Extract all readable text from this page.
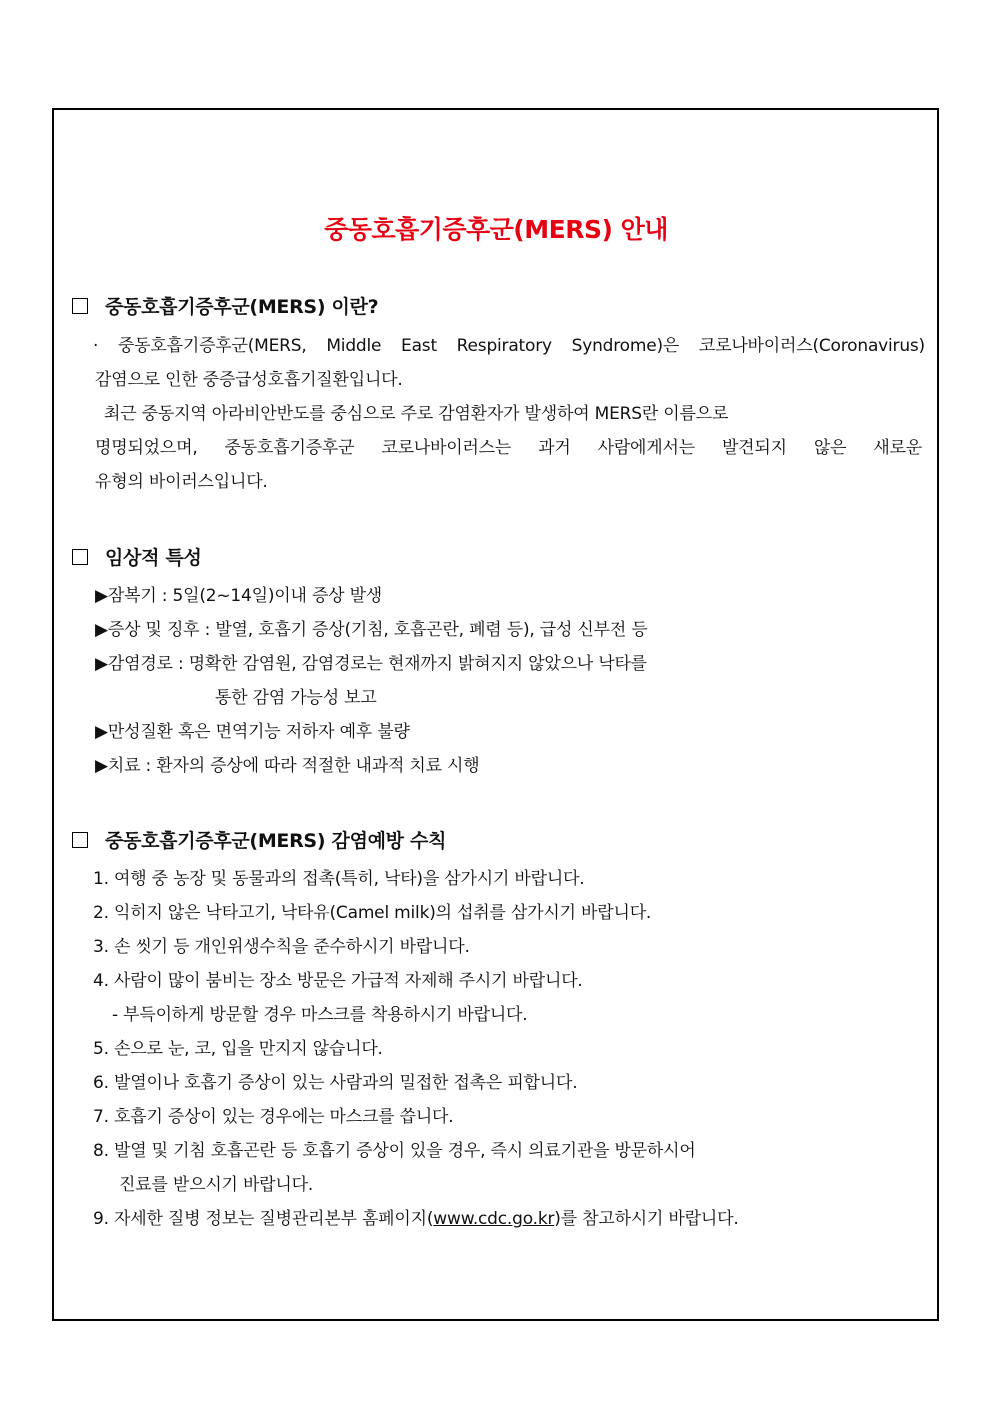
중동호흡기증후군(MERS) 안내
중동호흡기증후군(MERS) 이란?
· 중동호흡기증후군(MERS, Middle East Respiratory Syndrome)은 코로나바이러스(Coronavirus)
감염으로 인한 중증급성호흡기질환입니다.
최근 중동지역 아라비안반도를 중심으로 주로 감염환자가 발생하여 MERS란 이름으로
명명되었으며, 중동호흡기증후군 코로나바이러스는 과거 사람에게서는 발견되지 않은 새로운
유형의 바이러스입니다.
임상적 특성
▶잠복기 : 5일(2~14일)이내 증상 발생
▶증상 및 징후 : 발열, 호흡기 증상(기침, 호흡곤란, 폐렴 등), 급성 신부전 등
▶감염경로 : 명확한 감염원, 감염경로는 현재까지 밝혀지지 않았으나 낙타를
통한 감염 가능성 보고
▶만성질환 혹은 면역기능 저하자 예후 불량
▶치료 : 환자의 증상에 따라 적절한 내과적 치료 시행
중동호흡기증후군(MERS) 감염예방 수칙
1. 여행 중 농장 및 동물과의 접촉(특히, 낙타)을 삼가시기 바랍니다.
2. 익히지 않은 낙타고기, 낙타유(Camel milk)의 섭취를 삼가시기 바랍니다.
3. 손 씻기 등 개인위생수칙을 준수하시기 바랍니다.
4. 사람이 많이 붐비는 장소 방문은 가급적 자제해 주시기 바랍니다.
- 부득이하게 방문할 경우 마스크를 착용하시기 바랍니다.
5. 손으로 눈, 코, 입을 만지지 않습니다.
6. 발열이나 호흡기 증상이 있는 사람과의 밀접한 접촉은 피합니다.
7. 호흡기 증상이 있는 경우에는 마스크를 씁니다.
8. 발열 및 기침 호흡곤란 등 호흡기 증상이 있을 경우, 즉시 의료기관을 방문하시어
진료를 받으시기 바랍니다.
9. 자세한 질병 정보는 질병관리본부 홈페이지(www.cdc.go.kr)를 참고하시기 바랍니다.
